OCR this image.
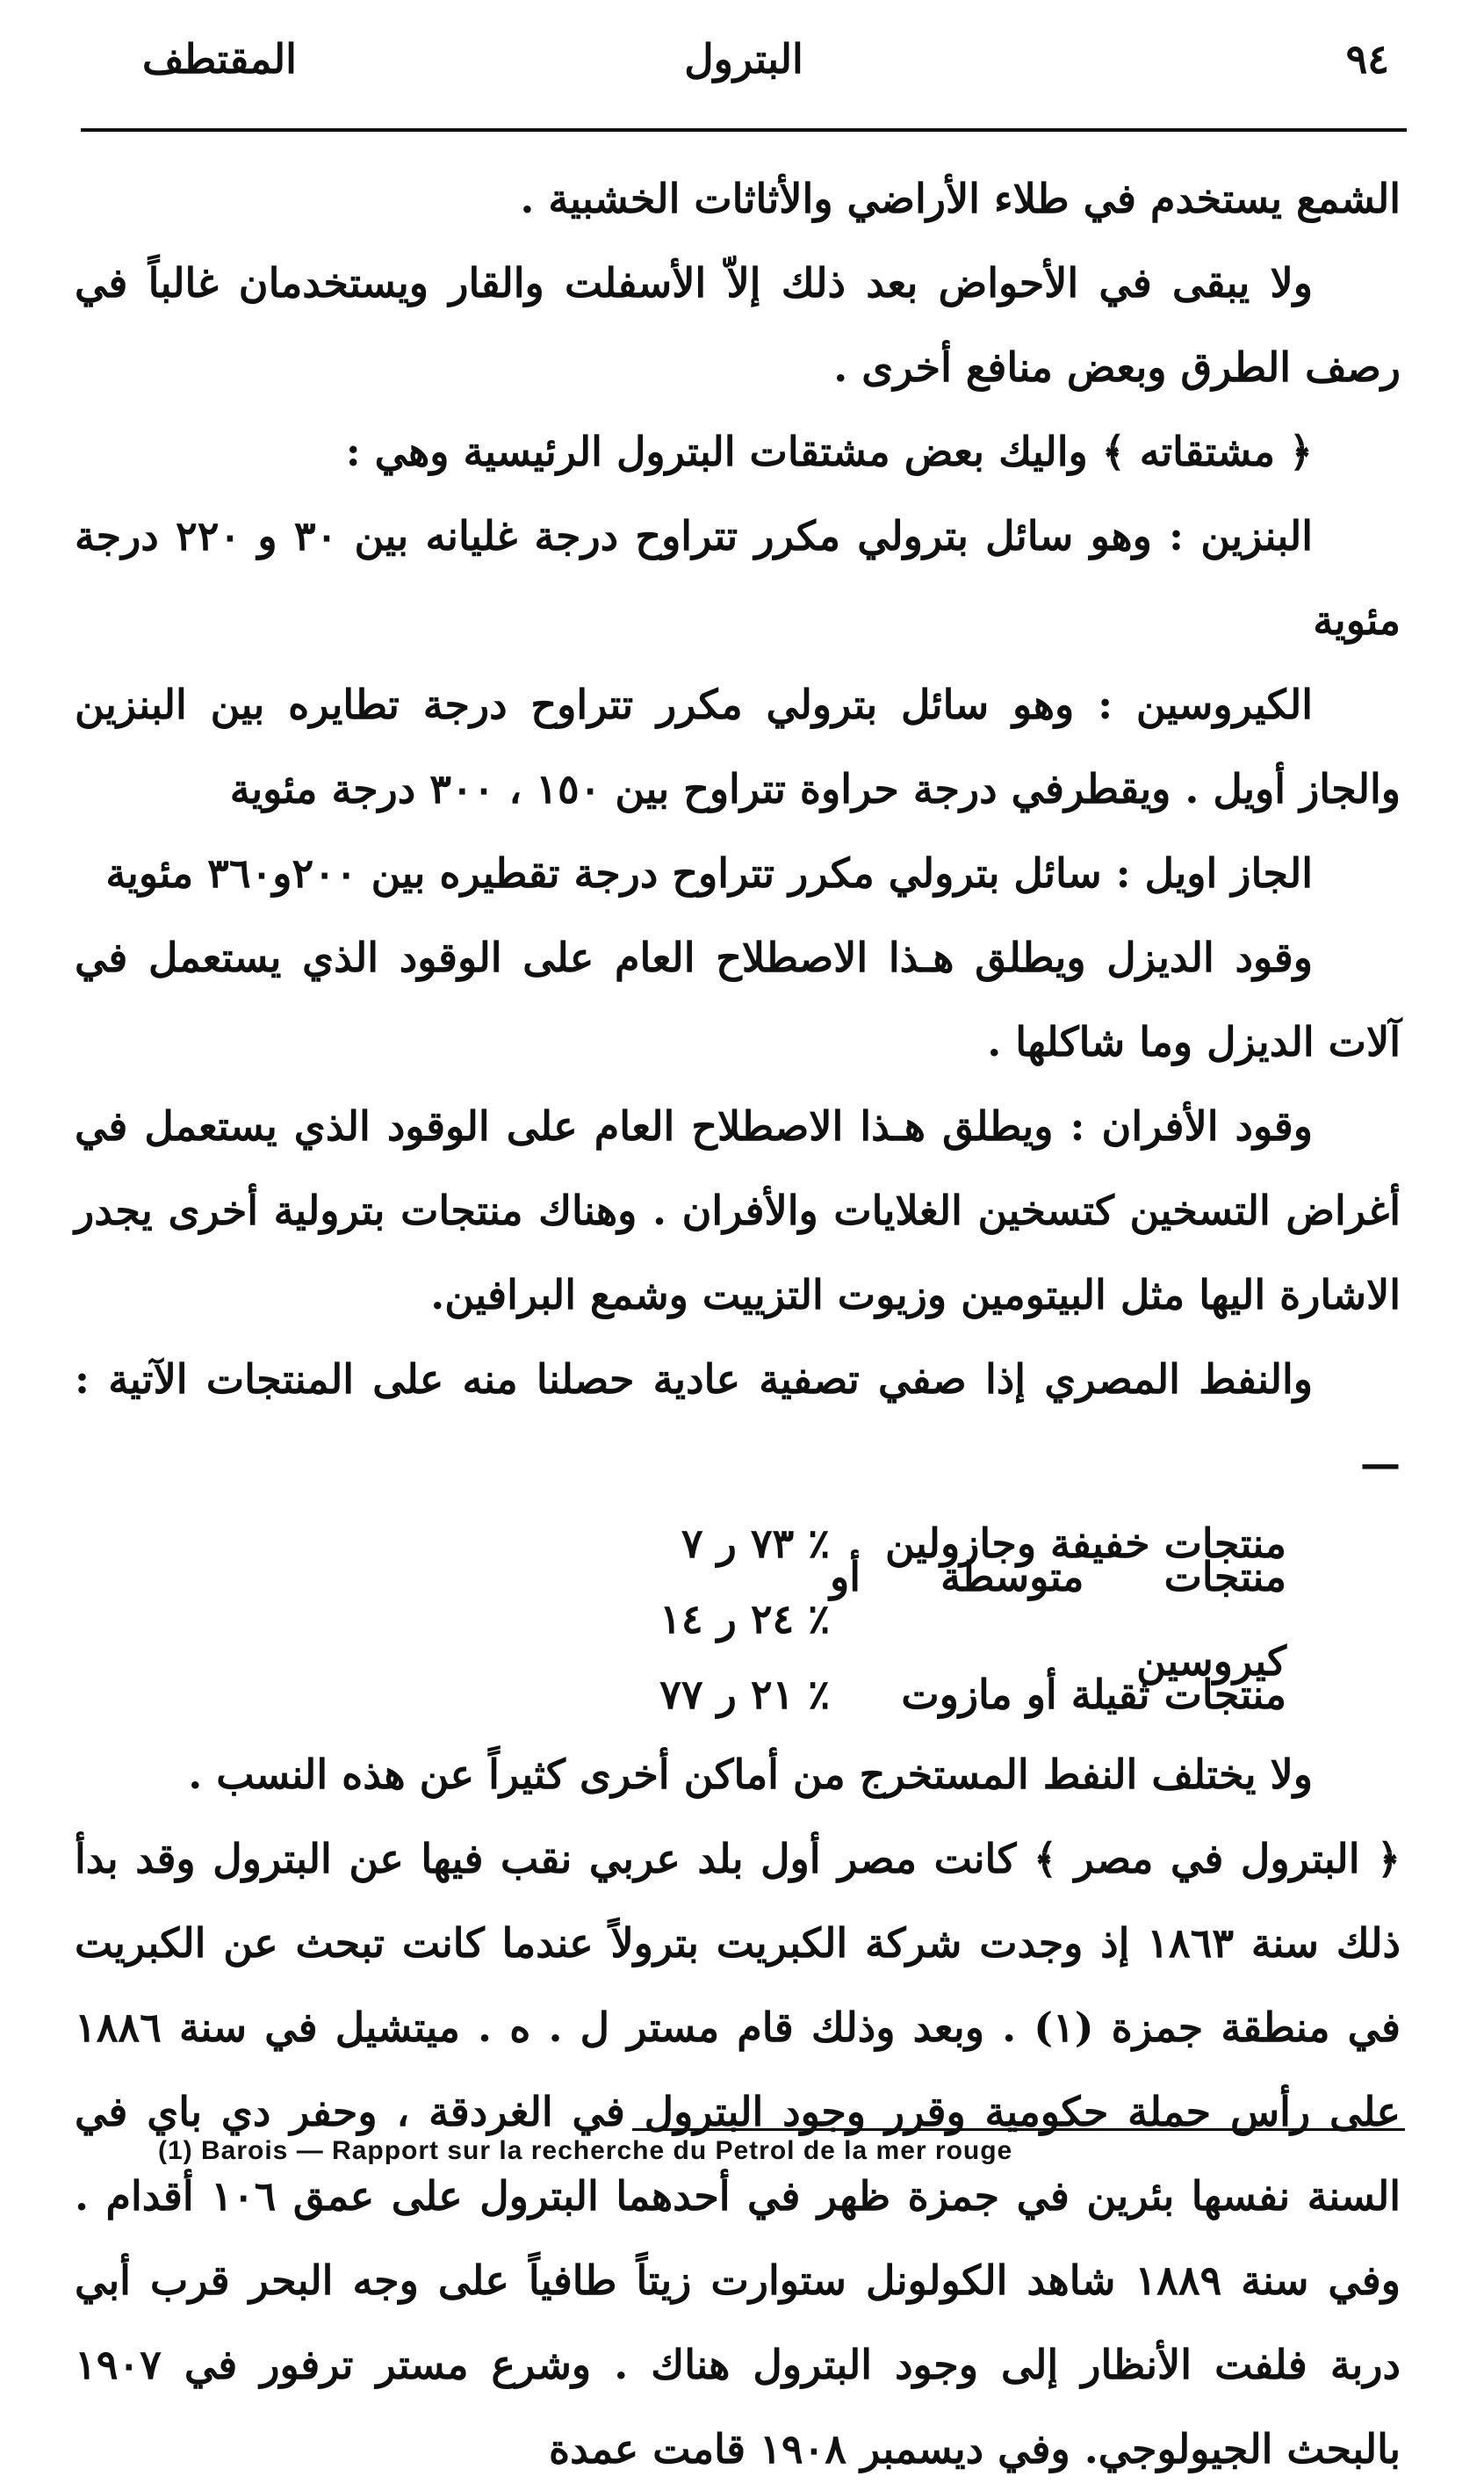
المقتطف	البترول	٩٤

الشمع يستخدم في طلاء الأراضي والأثاثات الخشبية .

ولا يبقى في الأحواض بعد ذلك إلاّ الأسفلت والقار ويستخدمان غالباً في رصف الطرق وبعض منافع أخرى .

﴿ مشتقاته ﴾ واليك بعض مشتقات البترول الرئيسية وهي :

البنزين : وهو سائل بترولي مكرر تتراوح درجة غليانه بين ٣٠ و ٢٢٠ درجة مئوية

الكيروسين : وهو سائل بترولي مكرر تتراوح درجة تطايره بين البنزين والجاز أويل . ويقطرفي درجة حراوة تتراوح بين ١٥٠ ، ٣٠٠ درجة مئوية

الجاز اويل : سائل بترولي مكرر تتراوح درجة تقطيره بين ٢٠٠و٣٦٠ مئوية

وقود الديزل ويطلق هـذا الاصطلاح العام على الوقود الذي يستعمل في آلات الديزل وما شاكلها .

وقود الأفران : ويطلق هـذا الاصطلاح العام على الوقود الذي يستعمل في أغراض التسخين كتسخين الغلايات والأفران . وهناك منتجات بترولية أخرى يجدر الاشارة اليها مثل البيتومين وزيوت التزييت وشمع البرافين.

والنفط المصري إذا صفي تصفية عادية حصلنا منه على المنتجات الآتية : —

منتجات خفيفة وجازولين
٧٣ ر ٧ ٪
منتجات متوسطة أو كيروسين
٢٤ ر ١٤ ٪
منتجات ثقيلة أو مازوت
٢١ ر ٧٧ ٪

ولا يختلف النفط المستخرج من أماكن أخرى كثيراً عن هذه النسب .

﴿ البترول في مصر ﴾ كانت مصر أول بلد عربي نقب فيها عن البترول وقد بدأ ذلك سنة ١٨٦٣ إذ وجدت شركة الكبريت بترولاً عندما كانت تبحث عن الكبريت في منطقة جمزة (١) . وبعد وذلك قام مستر ل . ه . ميتشيل في سنة ١٨٨٦ على رأس حملة حكومية وقرر وجود البترول في الغردقة ، وحفر دي باي في السنة نفسها بئرين في جمزة ظهر في أحدهما البترول على عمق ١٠٦ أقدام . وفي سنة ١٨٨٩ شاهد الكولونل ستوارت زيتاً طافياً على وجه البحر قرب أبي دربة فلفت الأنظار إلى وجود البترول هناك . وشرع مستر ترفور في ١٩٠٧ بالبحث الجيولوجي. وفي ديسمبر ١٩٠٨ قامت عمدة

(1) Barois — Rapport sur la recherche du Petrol de la mer rouge
